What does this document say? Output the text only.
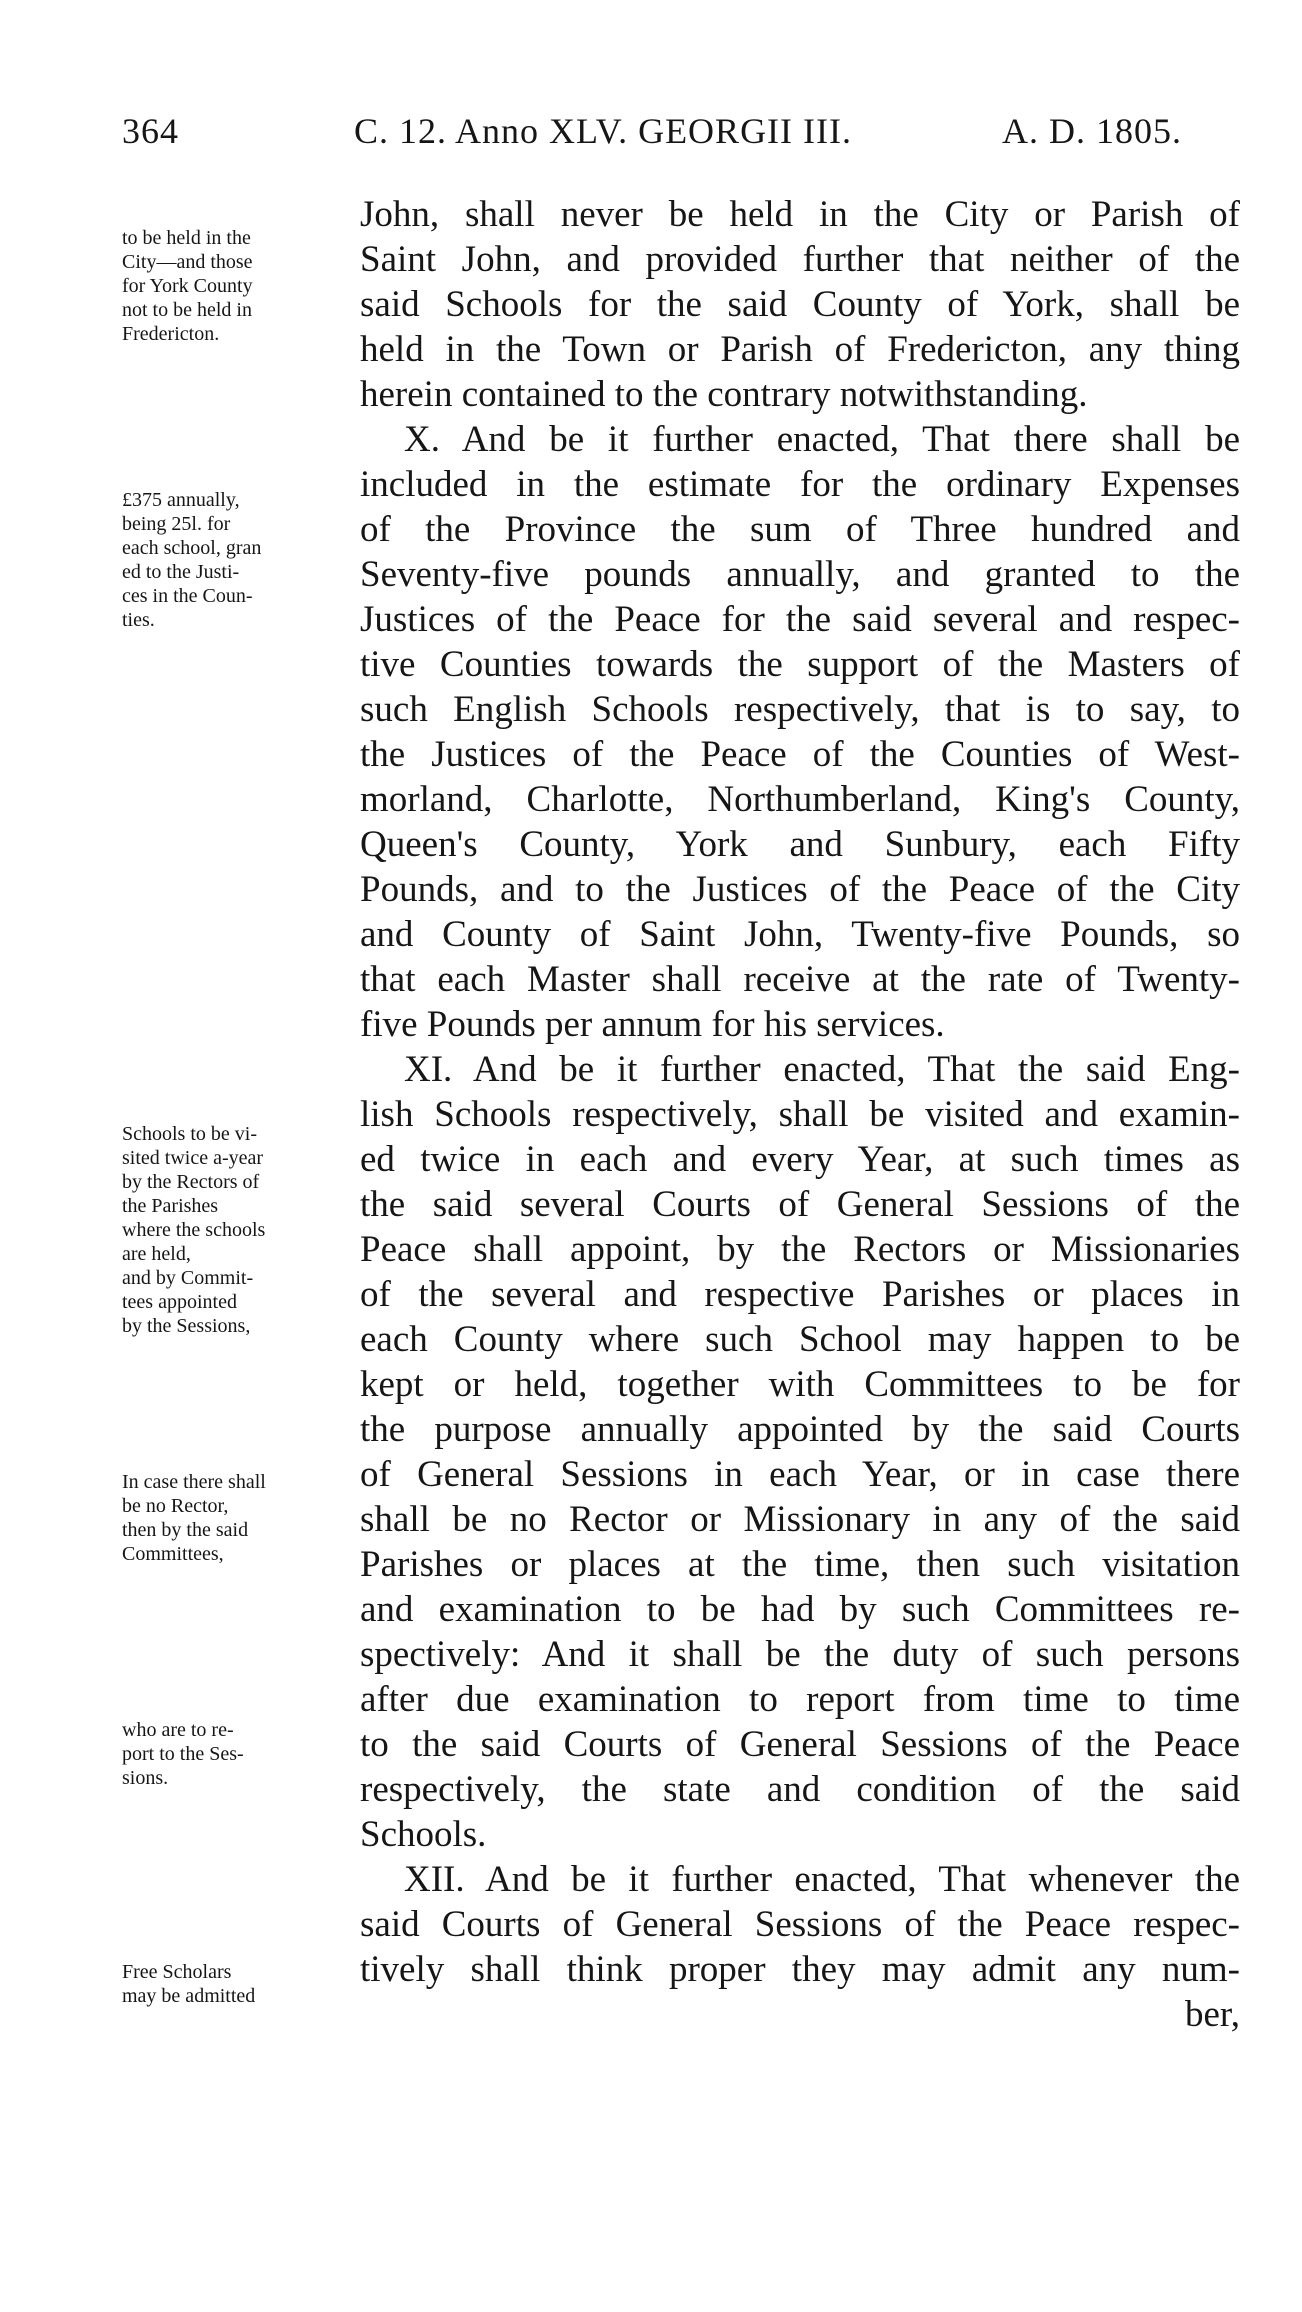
364	C. 12. Anno XLV. GEORGII III.	A. D. 1805.
to be held in the
City—and those
for York County
not to be held in
Fredericton.
£375 annually,
being 25l. for
each school, gran
ed to the Justi-
ces in the Coun-
ties.
Schools to be vi-
sited twice a-year
by the Rectors of
the Parishes
where the schools
are held,
and by Commit-
tees appointed
by the Sessions,
In case there shall
be no Rector,
then by the said
Committees,
who are to re-
port to the Ses-
sions.
Free Scholars
may be admitted
John, shall never be held in the City or Parish of
Saint John, and provided further that neither of the
said Schools for the said County of York, shall be
held in the Town or Parish of Fredericton, any thing
herein contained to the contrary notwithstanding.
X. And be it further enacted, That there shall be
included in the estimate for the ordinary Expenses
of the Province the sum of Three hundred and
Seventy-five pounds annually, and granted to the
Justices of the Peace for the said several and respec-
tive Counties towards the support of the Masters of
such English Schools respectively, that is to say, to
the Justices of the Peace of the Counties of West-
morland, Charlotte, Northumberland, King's County,
Queen's County, York and Sunbury, each Fifty
Pounds, and to the Justices of the Peace of the City
and County of Saint John, Twenty-five Pounds, so
that each Master shall receive at the rate of Twenty-
five Pounds per annum for his services.
XI. And be it further enacted, That the said Eng-
lish Schools respectively, shall be visited and examin-
ed twice in each and every Year, at such times as
the said several Courts of General Sessions of the
Peace shall appoint, by the Rectors or Missionaries
of the several and respective Parishes or places in
each County where such School may happen to be
kept or held, together with Committees to be for
the purpose annually appointed by the said Courts
of General Sessions in each Year, or in case there
shall be no Rector or Missionary in any of the said
Parishes or places at the time, then such visitation
and examination to be had by such Committees re-
spectively: And it shall be the duty of such persons
after due examination to report from time to time
to the said Courts of General Sessions of the Peace
respectively, the state and condition of the said
Schools.
XII. And be it further enacted, That whenever the
said Courts of General Sessions of the Peace respec-
tively shall think proper they may admit any num-
ber,
